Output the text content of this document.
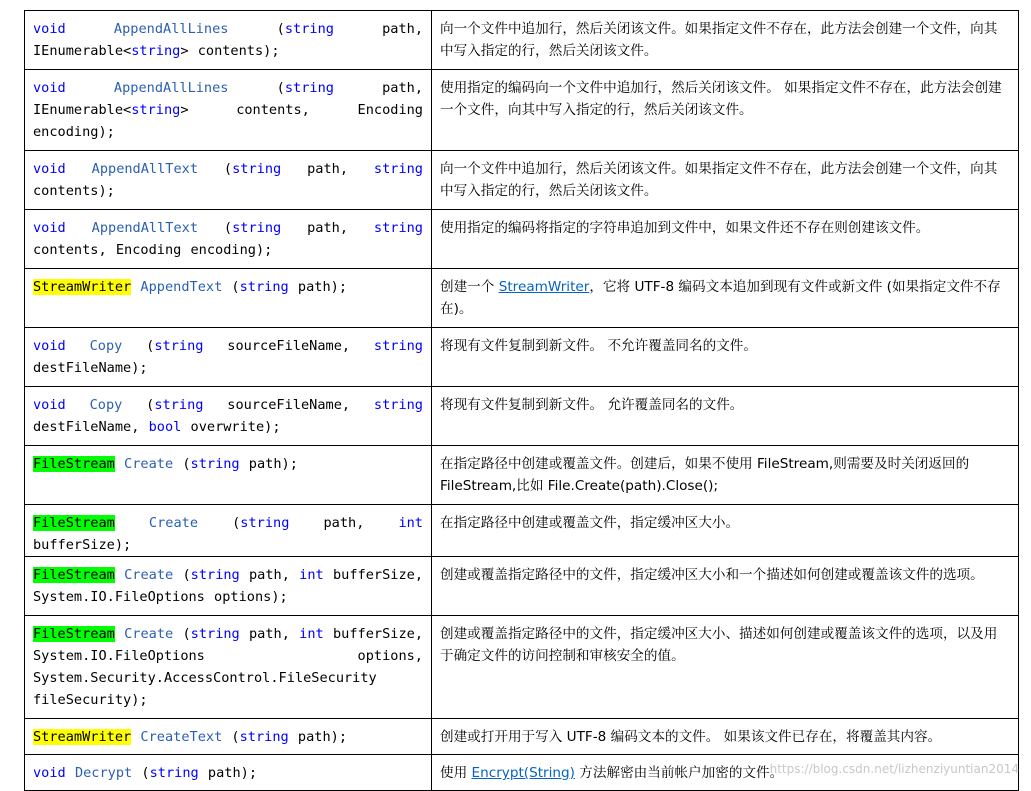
void AppendAllLines (string path, IEnumerable<string> contents);	向一个文件中追加行，然后关闭该文件。如果指定文件不存在，此方法会创建一个文件，向其中写入指定的行，然后关闭该文件。
void AppendAllLines (string path, IEnumerable<string> contents, Encoding encoding);	使用指定的编码向一个文件中追加行，然后关闭该文件。 如果指定文件不存在，此方法会创建一个文件，向其中写入指定的行，然后关闭该文件。
void AppendAllText (string path, string contents);	向一个文件中追加行，然后关闭该文件。如果指定文件不存在，此方法会创建一个文件，向其中写入指定的行，然后关闭该文件。
void AppendAllText (string path, string contents, Encoding encoding);	使用指定的编码将指定的字符串追加到文件中，如果文件还不存在则创建该文件。
StreamWriter AppendText (string path);	创建一个 StreamWriter，它将 UTF-8 编码文本追加到现有文件或新文件 (如果指定文件不存在)。
void Copy (string sourceFileName, string destFileName);	将现有文件复制到新文件。 不允许覆盖同名的文件。
void Copy (string sourceFileName, string destFileName, bool overwrite);	将现有文件复制到新文件。 允许覆盖同名的文件。
FileStream Create (string path);	在指定路径中创建或覆盖文件。创建后，如果不使用 FileStream,则需要及时关闭返回的 FileStream,比如 File.Create(path).Close();
FileStream Create (string path, int bufferSize);	在指定路径中创建或覆盖文件，指定缓冲区大小。
FileStream Create (string path, int bufferSize, System.IO.FileOptions options);	创建或覆盖指定路径中的文件，指定缓冲区大小和一个描述如何创建或覆盖该文件的选项。
FileStream Create (string path, int bufferSize, System.IO.FileOptions options, System.Security.AccessControl.FileSecurity fileSecurity);	创建或覆盖指定路径中的文件，指定缓冲区大小、描述如何创建或覆盖该文件的选项，以及用于确定文件的访问控制和审核安全的值。
StreamWriter CreateText (string path);	创建或打开用于写入 UTF-8 编码文本的文件。 如果该文件已存在，将覆盖其内容。
void Decrypt (string path);	使用 Encrypt(String) 方法解密由当前帐户加密的文件。
https://blog.csdn.net/lizhenziyuntian2014
